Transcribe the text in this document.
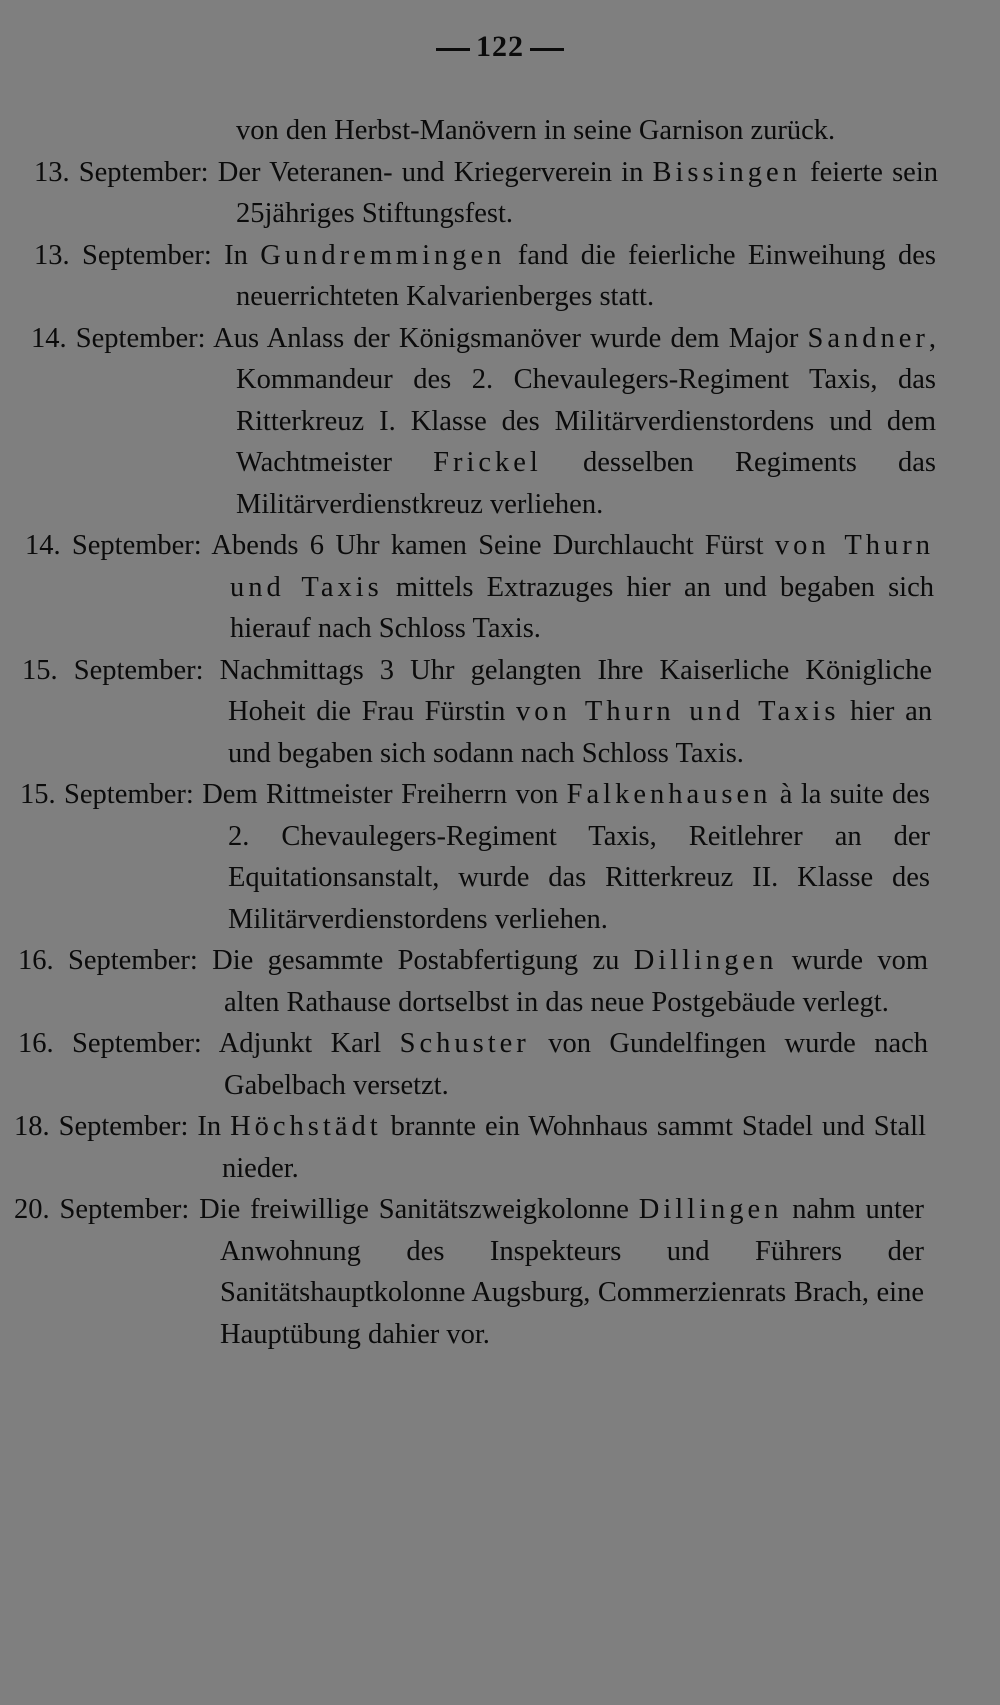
122

von den Herbst-Manövern in seine Garnison zurück.

13. September: Der Veteranen- und Kriegerverein in Bissingen feierte sein 25jähriges Stiftungsfest.

13. September: In Gundremmingen fand die feierliche Einweihung des neuerrichteten Kalvarienberges statt.

14. September: Aus Anlass der Königsmanöver wurde dem Major Sandner, Kommandeur des 2. Chevaulegers-Regiment Taxis, das Ritterkreuz I. Klasse des Militärverdienstordens und dem Wachtmeister Frickel desselben Regiments das Militärverdienstkreuz verliehen.

14. September: Abends 6 Uhr kamen Seine Durchlaucht Fürst von Thurn und Taxis mittels Extrazuges hier an und begaben sich hierauf nach Schloss Taxis.

15. September: Nachmittags 3 Uhr gelangten Ihre Kaiserliche Königliche Hoheit die Frau Fürstin von Thurn und Taxis hier an und begaben sich sodann nach Schloss Taxis.

15. September: Dem Rittmeister Freiherrn von Falkenhausen à la suite des 2. Chevaulegers-Regiment Taxis, Reitlehrer an der Equitationsanstalt, wurde das Ritterkreuz II. Klasse des Militärverdienstordens verliehen.

16. September: Die gesammte Postabfertigung zu Dillingen wurde vom alten Rathause dortselbst in das neue Postgebäude verlegt.

16. September: Adjunkt Karl Schuster von Gundelfingen wurde nach Gabelbach versetzt.

18. September: In Höchstädt brannte ein Wohnhaus sammt Stadel und Stall nieder.

20. September: Die freiwillige Sanitätszweigkolonne Dillingen nahm unter Anwohnung des Inspekteurs und Führers der Sanitätshauptkolonne Augsburg, Commerzienrats Brach, eine Hauptübung dahier vor.
